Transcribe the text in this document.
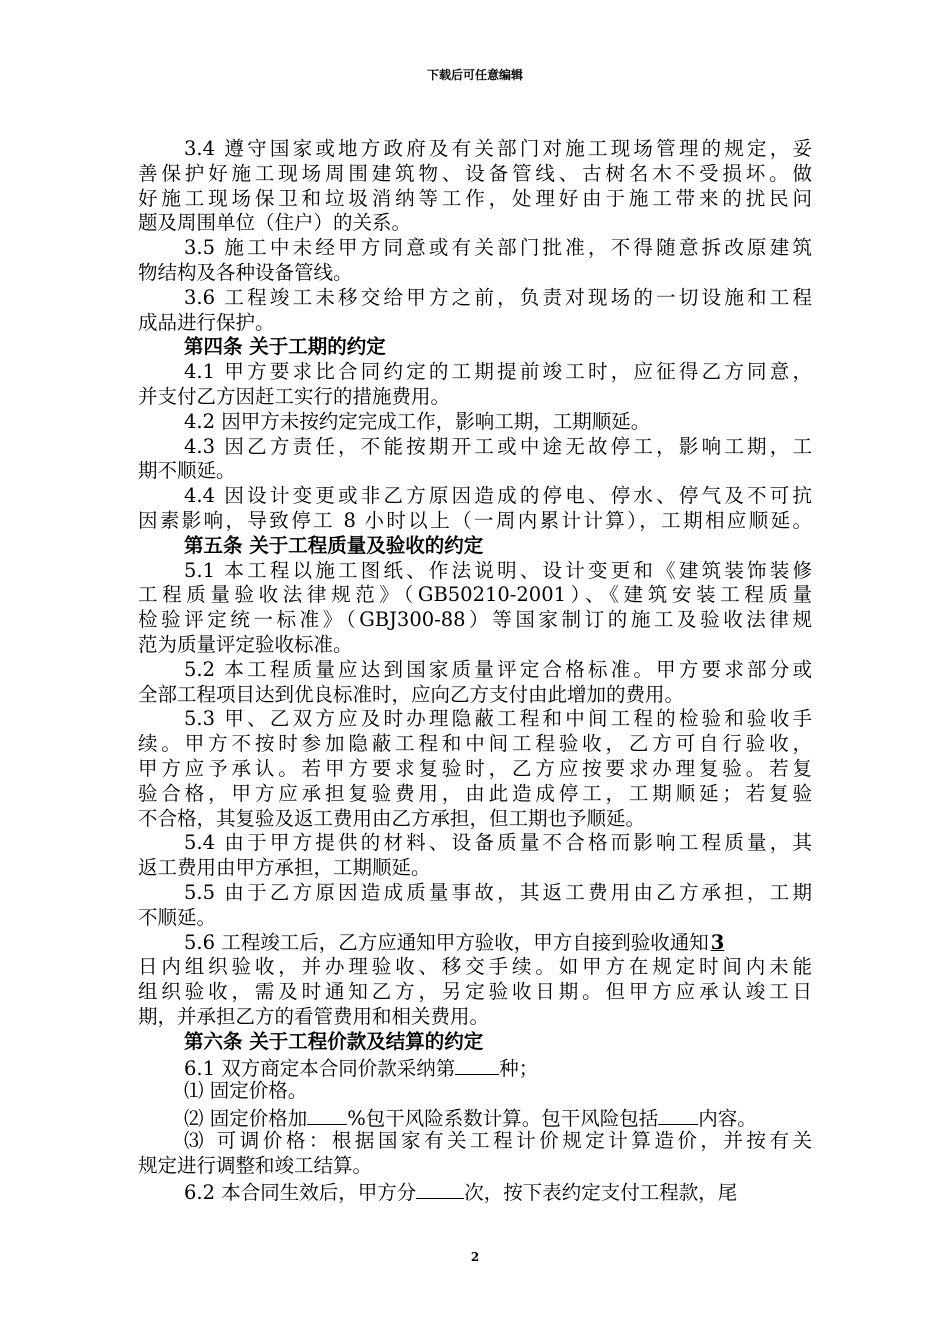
下载后可任意编辑
3.4 遵守国家或地方政府及有关部门对施工现场管理的规定，妥
善保护好施工现场周围建筑物、设备管线、古树名木不受损坏。做
好施工现场保卫和垃圾消纳等工作，处理好由于施工带来的扰民问
题及周围单位（住户）的关系。
3.5 施工中未经甲方同意或有关部门批准，不得随意拆改原建筑
物结构及各种设备管线。
3.6 工程竣工未移交给甲方之前，负责对现场的一切设施和工程
成品进行保护。
第四条 关于工期的约定
4.1 甲方要求比合同约定的工期提前竣工时，应征得乙方同意，
并支付乙方因赶工实行的措施费用。
4.2 因甲方未按约定完成工作，影响工期，工期顺延。
4.3 因乙方责任，不能按期开工或中途无故停工，影响工期，工
期不顺延。
4.4 因设计变更或非乙方原因造成的停电、停水、停气及不可抗
因素影响，导致停工 8 小时以上（一周内累计计算），工期相应顺延。
第五条 关于工程质量及验收的约定
5.1 本工程以施工图纸、作法说明、设计变更和《建筑装饰装修
工程质量验收法律规范》（GB50210-2001）、《建筑安装工程质量
检验评定统一标准》（GBJ300-88）等国家制订的施工及验收法律规
范为质量评定验收标准。
5.2 本工程质量应达到国家质量评定合格标准。甲方要求部分或
全部工程项目达到优良标准时，应向乙方支付由此增加的费用。
5.3 甲、乙双方应及时办理隐蔽工程和中间工程的检验和验收手
续。甲方不按时参加隐蔽工程和中间工程验收，乙方可自行验收，
甲方应予承认。若甲方要求复验时，乙方应按要求办理复验。若复
验合格，甲方应承担复验费用，由此造成停工，工期顺延；若复验
不合格，其复验及返工费用由乙方承担，但工期也予顺延。
5.4 由于甲方提供的材料、设备质量不合格而影响工程质量，其
返工费用由甲方承担，工期顺延。
5.5 由于乙方原因造成质量事故，其返工费用由乙方承担，工期
不顺延。
5.6 工程竣工后，乙方应通知甲方验收，甲方自接到验收通知 3
日内组织验收，并办理验收、移交手续。如甲方在规定时间内未能
组织验收，需及时通知乙方，另定验收日期。但甲方应承认竣工日
期，并承担乙方的看管费用和相关费用。
第六条 关于工程价款及结算的约定
6.1 双方商定本合同价款采纳第 种；
⑴ 固定价格。
⑵ 固定价格加 %包干风险系数计算。包干风险包括 内容。
⑶ 可调价格：根据国家有关工程计价规定计算造价，并按有关
规定进行调整和竣工结算。
6.2 本合同生效后，甲方分 次，按下表约定支付工程款，尾
2
